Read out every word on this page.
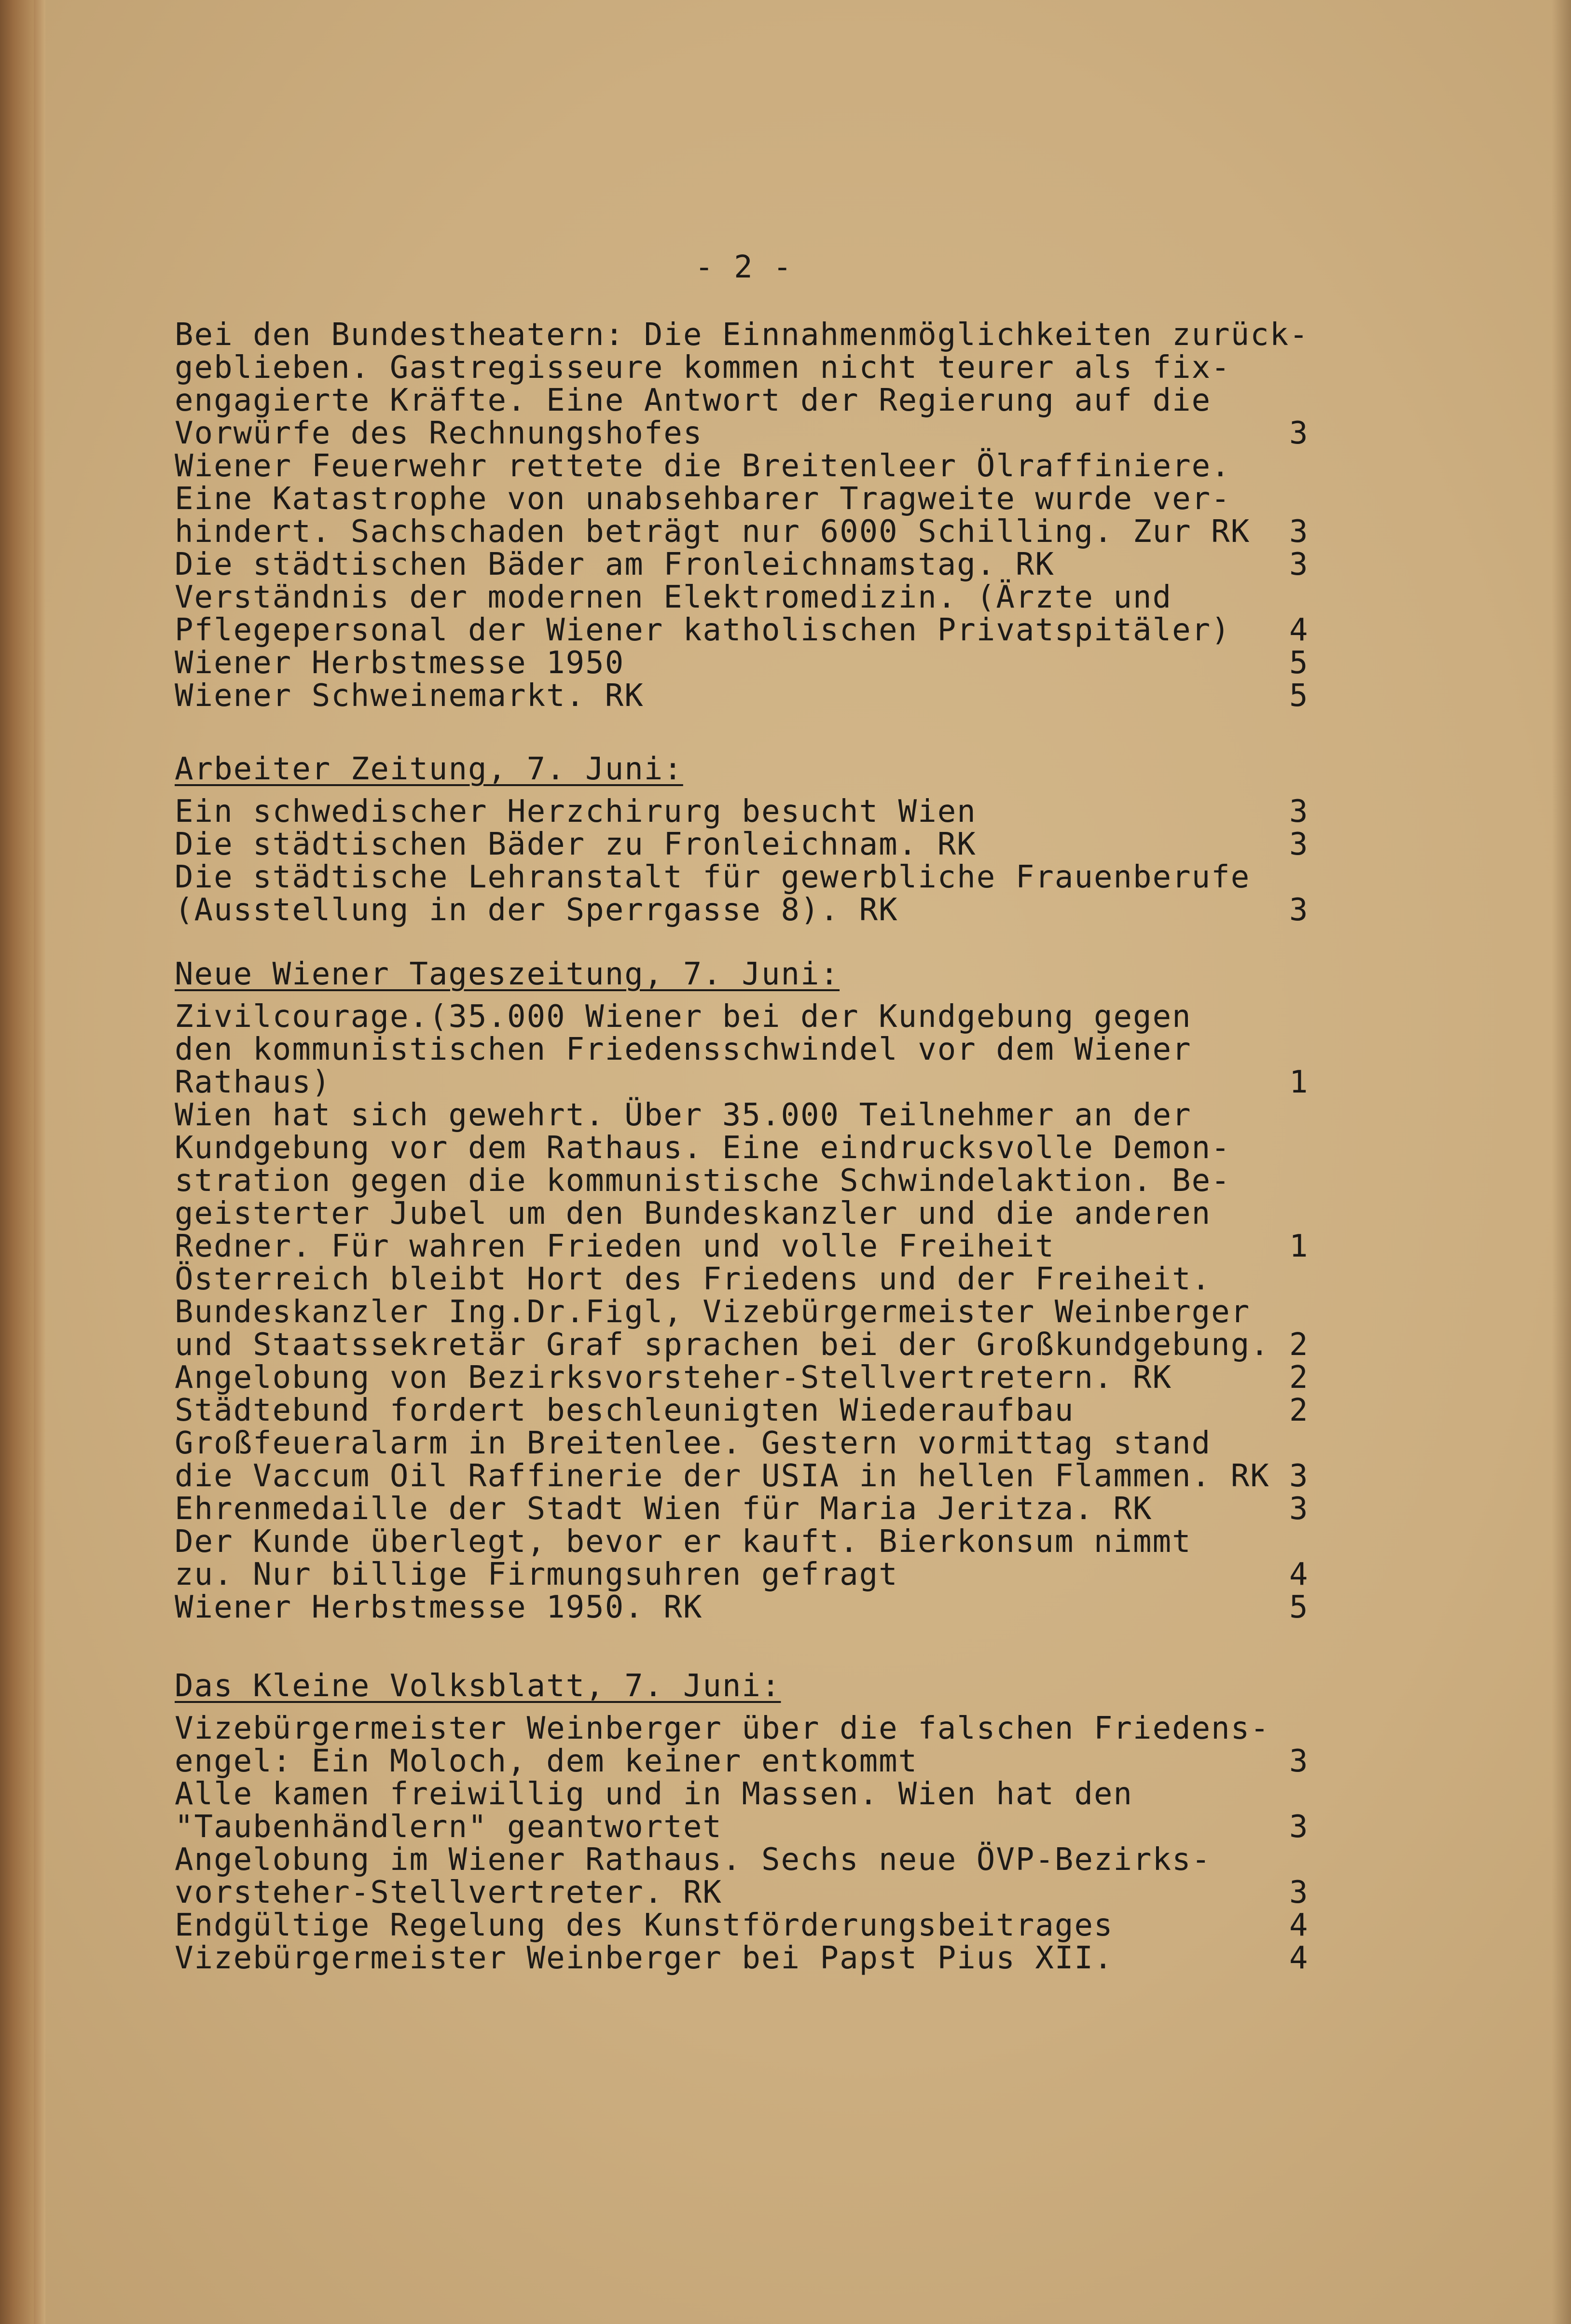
- 2 -
Bei den Bundestheatern: Die Einnahmenmöglichkeiten zurück-
geblieben. Gastregisseure kommen nicht teurer als fix-
engagierte Kräfte. Eine Antwort der Regierung auf die
Vorwürfe des Rechnungshofes	3
Wiener Feuerwehr rettete die Breitenleer Ölraffiniere.
Eine Katastrophe von unabsehbarer Tragweite wurde ver-
hindert. Sachschaden beträgt nur 6000 Schilling. Zur RK 3
Die städtischen Bäder am Fronleichnamstag. RK	3
Verständnis der modernen Elektromedizin. (Ärzte und
Pflegepersonal der Wiener katholischen Privatspitäler) 4
Wiener Herbstmesse 1950	5
Wiener Schweinemarkt. RK	5
Arbeiter Zeitung, 7. Juni:
Ein schwedischer Herzchirurg besucht Wien	3
Die städtischen Bäder zu Fronleichnam. RK	3
Die städtische Lehranstalt für gewerbliche Frauenberufe
(Ausstellung in der Sperrgasse 8). RK	3
Neue Wiener Tageszeitung, 7. Juni:
Zivilcourage.(35.000 Wiener bei der Kundgebung gegen
den kommunistischen Friedensschwindel vor dem Wiener
Rathaus)	1
Wien hat sich gewehrt. Über 35.000 Teilnehmer an der
Kundgebung vor dem Rathaus. Eine eindrucksvolle Demon-
stration gegen die kommunistische Schwindelaktion. Be-
geisterter Jubel um den Bundeskanzler und die anderen
Redner. Für wahren Frieden und volle Freiheit	1
Österreich bleibt Hort des Friedens und der Freiheit.
Bundeskanzler Ing.Dr.Figl, Vizebürgermeister Weinberger
und Staatssekretär Graf sprachen bei der Großkundgebung. 2
Angelobung von Bezirksvorsteher-Stellvertretern. RK	2
Städtebund fordert beschleunigten Wiederaufbau	2
Großfeueralarm in Breitenlee. Gestern vormittag stand
die Vaccum Oil Raffinerie der USIA in hellen Flammen. RK 3
Ehrenmedaille der Stadt Wien für Maria Jeritza. RK	3
Der Kunde überlegt, bevor er kauft. Bierkonsum nimmt
zu. Nur billige Firmungsuhren gefragt	4
Wiener Herbstmesse 1950. RK	5
Das Kleine Volksblatt, 7. Juni:
Vizebürgermeister Weinberger über die falschen Friedens-
engel: Ein Moloch, dem keiner entkommt	3
Alle kamen freiwillig und in Massen. Wien hat den
"Taubenhändlern" geantwortet	3
Angelobung im Wiener Rathaus. Sechs neue ÖVP-Bezirks-
vorsteher-Stellvertreter. RK	3
Endgültige Regelung des Kunstförderungsbeitrages	4
Vizebürgermeister Weinberger bei Papst Pius XII.	4
